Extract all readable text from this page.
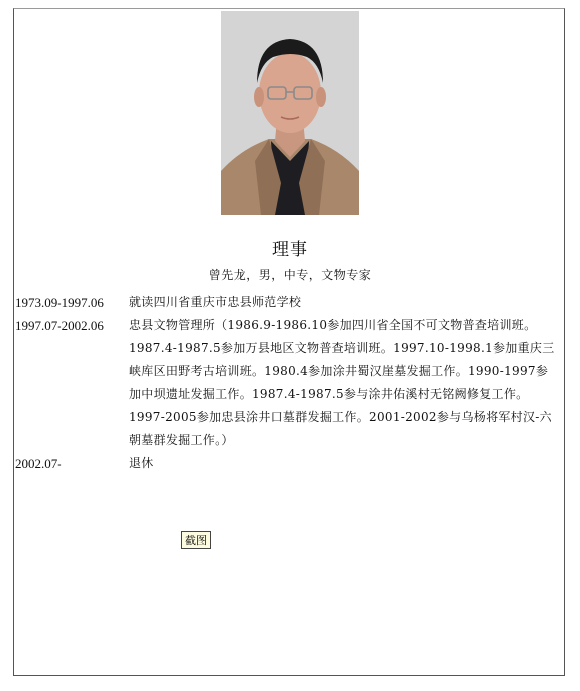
理事
曾先龙，男，中专，文物专家
1973.09-1997.06 就读四川省重庆市忠县师范学校
1997.07-2002.06 忠县文物管理所（1986.9-1986.10参加四川省全国不可文物普查培训班。1987.4-1987.5参加万县地区文物普查培训班。1997.10-1998.1参加重庆三峡库区田野考古培训班。1980.4参加涂井蜀汉崖墓发掘工作。1990-1997参加中坝遗址发掘工作。1987.4-1987.5参与涂井佑溪村无铭阙修复工作。1997-2005参加忠县涂井口墓群发掘工作。2001-2002参与乌杨将军村汉-六朝墓群发掘工作。）
2002.07-	退休
截图
